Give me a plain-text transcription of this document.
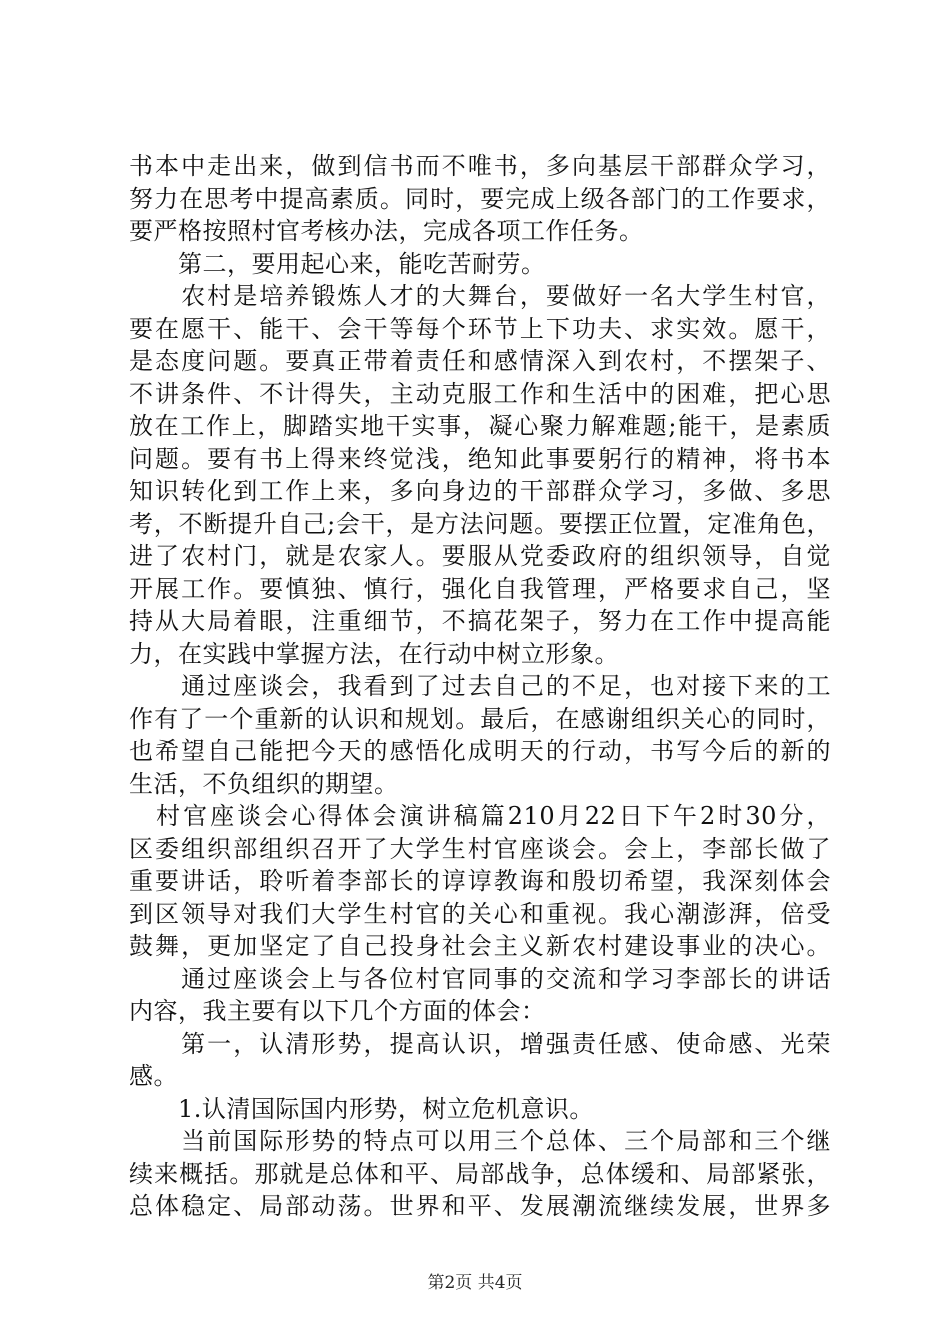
书本中走出来，做到信书而不唯书，多向基层干部群众学习，
努力在思考中提高素质。同时，要完成上级各部门的工作要求，
要严格按照村官考核办法，完成各项工作任务。
　　第二，要用起心来，能吃苦耐劳。
　　农村是培养锻炼人才的大舞台，要做好一名大学生村官，
要在愿干、能干、会干等每个环节上下功夫、求实效。愿干，
是态度问题。要真正带着责任和感情深入到农村，不摆架子、
不讲条件、不计得失，主动克服工作和生活中的困难，把心思
放在工作上，脚踏实地干实事，凝心聚力解难题;能干，是素质
问题。要有书上得来终觉浅，绝知此事要躬行的精神，将书本
知识转化到工作上来，多向身边的干部群众学习，多做、多思
考，不断提升自己;会干，是方法问题。要摆正位置，定准角色，
进了农村门，就是农家人。要服从党委政府的组织领导，自觉
开展工作。要慎独、慎行，强化自我管理，严格要求自己，坚
持从大局着眼，注重细节，不搞花架子，努力在工作中提高能
力，在实践中掌握方法，在行动中树立形象。
　　通过座谈会，我看到了过去自己的不足，也对接下来的工
作有了一个重新的认识和规划。最后，在感谢组织关心的同时，
也希望自己能把今天的感悟化成明天的行动，书写今后的新的
生活，不负组织的期望。
　村官座谈会心得体会演讲稿篇210月22日下午2时30分，
区委组织部组织召开了大学生村官座谈会。会上，李部长做了
重要讲话，聆听着李部长的谆谆教诲和殷切希望，我深刻体会
到区领导对我们大学生村官的关心和重视。我心潮澎湃，倍受
鼓舞，更加坚定了自己投身社会主义新农村建设事业的决心。
　　通过座谈会上与各位村官同事的交流和学习李部长的讲话
内容，我主要有以下几个方面的体会：
　　第一，认清形势，提高认识，增强责任感、使命感、光荣
感。
　　1.认清国际国内形势，树立危机意识。
　　当前国际形势的特点可以用三个总体、三个局部和三个继
续来概括。那就是总体和平、局部战争，总体缓和、局部紧张，
总体稳定、局部动荡。世界和平、发展潮流继续发展，世界多
第2页 共4页
